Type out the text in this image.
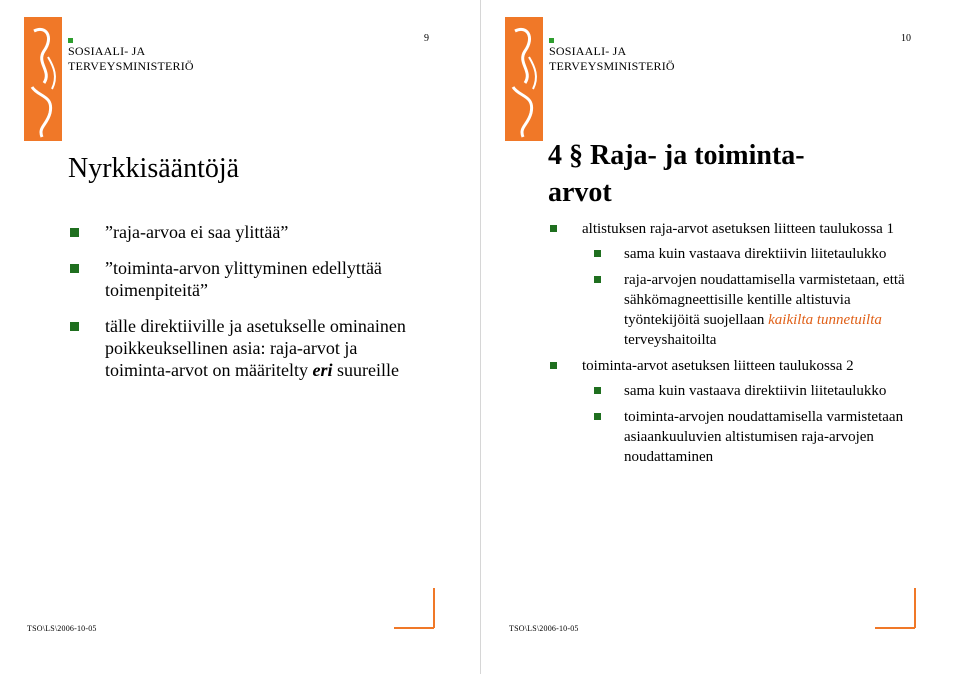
SOSIAALI- JA
TERVEYSMINISTERIÖ
9
Nyrkkisääntöjä
”raja-arvoa ei saa ylittää”
”toiminta-arvon ylittyminen edellyttää toimenpiteitä”
tälle direktiiville ja asetukselle ominainen poikkeuksellinen asia: raja-arvot ja toiminta-arvot on määritelty eri suureille
TSO\LS\2006-10-05
SOSIAALI- JA
TERVEYSMINISTERIÖ
10
TSO\LS\2006-10-05
4 § Raja- ja toiminta-arvot
altistuksen raja-arvot asetuksen liitteen taulukossa 1
sama kuin vastaava direktiivin liitetaulukko
raja-arvojen noudattamisella varmistetaan, että sähkömagneettisille kentille altistuvia työntekijöitä suojellaan kaikilta tunnetuilta terveyshaitoilta
toiminta-arvot asetuksen liitteen taulukossa 2
sama kuin vastaava direktiivin liitetaulukko
toiminta-arvojen noudattamisella varmistetaan asiaankuuluvien altistumisen raja-arvojen noudattaminen
